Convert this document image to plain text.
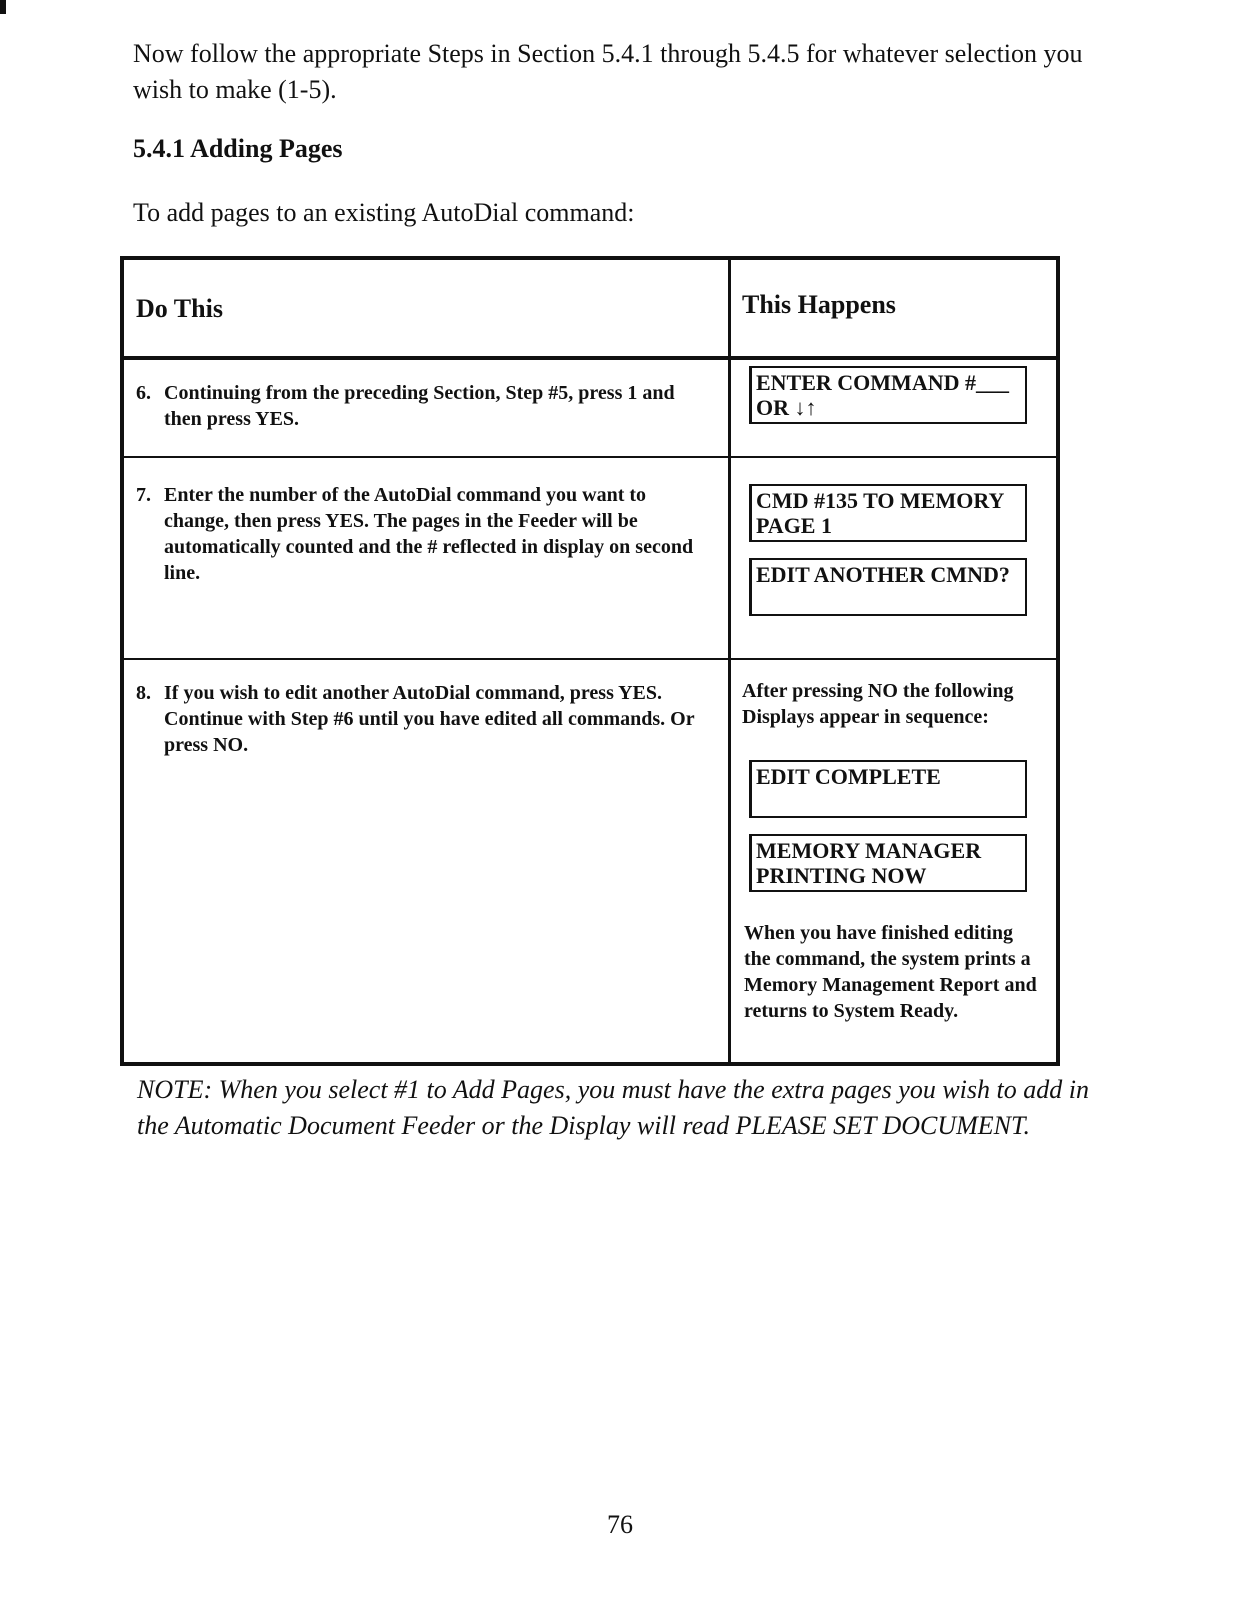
Now follow the appropriate Steps in Section 5.4.1 through 5.4.5 for whatever selection you wish to make (1-5).
5.4.1 Adding Pages
To add pages to an existing AutoDial command:
Do This	This Happens
6. Continuing from the preceding Section, Step #5, press 1 and then press YES.
7. Enter the number of the AutoDial command you want to change, then press YES. The pages in the Feeder will be automatically counted and the # reflected in display on second line.
8. If you wish to edit another AutoDial command, press YES. Continue with Step #6 until you have edited all commands. Or press NO.
ENTER COMMAND #___
OR ↓↑
CMD #135 TO MEMORY
PAGE 1
EDIT ANOTHER CMND?
After pressing NO the following Displays appear in sequence:
EDIT COMPLETE
MEMORY MANAGER
PRINTING NOW
When you have finished editing the command, the system prints a Memory Management Report and returns to System Ready.
NOTE: When you select #1 to Add Pages, you must have the extra pages you wish to add in the Automatic Document Feeder or the Display will read PLEASE SET DOCUMENT.
76
